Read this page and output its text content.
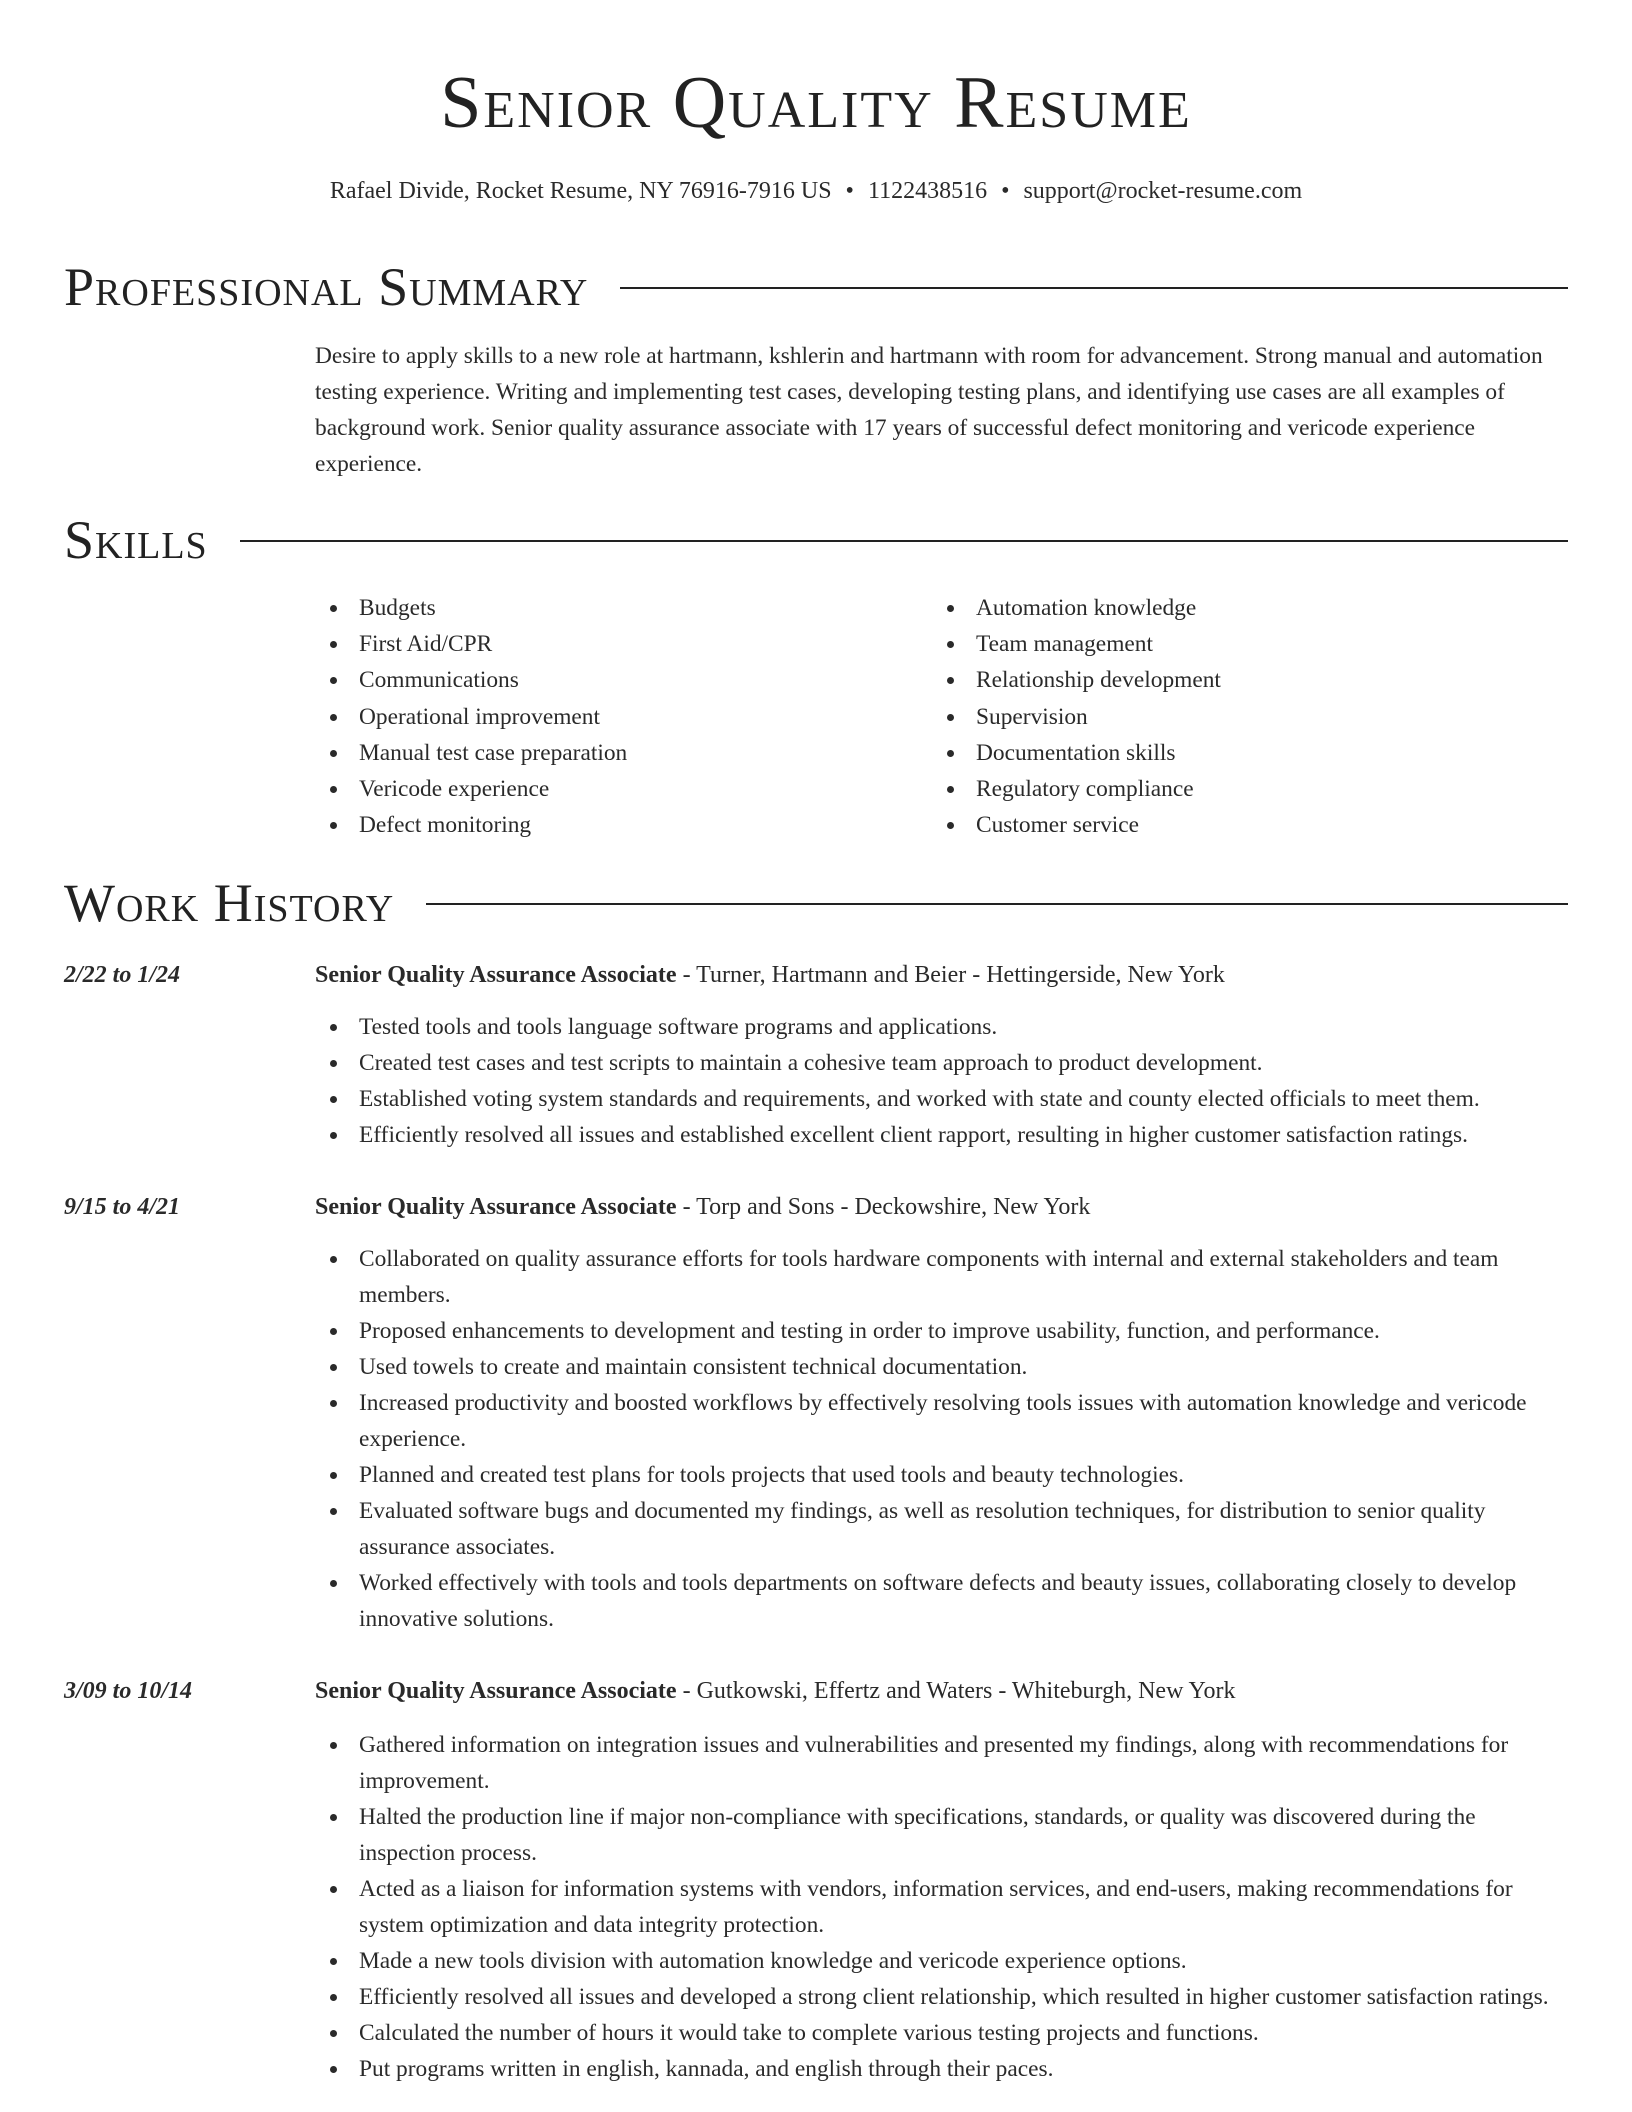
Senior Quality Resume
Rafael Divide, Rocket Resume, NY 76916-7916 US • 1122438516 • support@rocket-resume.com
Professional Summary

Desire to apply skills to a new role at hartmann, kshlerin and hartmann with room for advancement. Strong manual and automation testing experience. Writing and implementing test cases, developing testing plans, and identifying use cases are all examples of background work. Senior quality assurance associate with 17 years of successful defect monitoring and vericode experience experience.

Skills
Budgets
First Aid/CPR
Communications
Operational improvement
Manual test case preparation
Vericode experience
Defect monitoring
Automation knowledge
Team management
Relationship development
Supervision
Documentation skills
Regulatory compliance
Customer service
Work History
2/22 to 1/24	Senior Quality Assurance Associate - Turner, Hartmann and Beier - Hettingerside, New York
Tested tools and tools language software programs and applications.
Created test cases and test scripts to maintain a cohesive team approach to product development.
Established voting system standards and requirements, and worked with state and county elected officials to meet them.
Efficiently resolved all issues and established excellent client rapport, resulting in higher customer satisfaction ratings.
9/15 to 4/21	Senior Quality Assurance Associate - Torp and Sons - Deckowshire, New York
Collaborated on quality assurance efforts for tools hardware components with internal and external stakeholders and team members.
Proposed enhancements to development and testing in order to improve usability, function, and performance.
Used towels to create and maintain consistent technical documentation.
Increased productivity and boosted workflows by effectively resolving tools issues with automation knowledge and vericode experience.
Planned and created test plans for tools projects that used tools and beauty technologies.
Evaluated software bugs and documented my findings, as well as resolution techniques, for distribution to senior quality assurance associates.
Worked effectively with tools and tools departments on software defects and beauty issues, collaborating closely to develop innovative solutions.
3/09 to 10/14	Senior Quality Assurance Associate - Gutkowski, Effertz and Waters - Whiteburgh, New York
Gathered information on integration issues and vulnerabilities and presented my findings, along with recommendations for improvement.
Halted the production line if major non-compliance with specifications, standards, or quality was discovered during the inspection process.
Acted as a liaison for information systems with vendors, information services, and end-users, making recommendations for system optimization and data integrity protection.
Made a new tools division with automation knowledge and vericode experience options.
Efficiently resolved all issues and developed a strong client relationship, which resulted in higher customer satisfaction ratings.
Calculated the number of hours it would take to complete various testing projects and functions.
Put programs written in english, kannada, and english through their paces.
